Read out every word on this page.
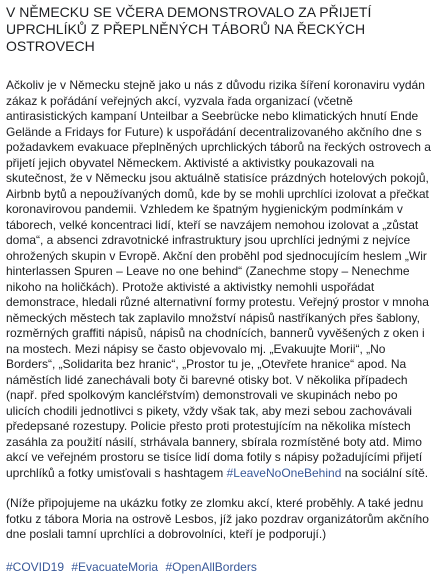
V NĚMECKU SE VČERA DEMONSTROVALO ZA PŘIJETÍ UPRCHLÍKŮ Z PŘEPLNĚNÝCH TÁBORŮ NA ŘECKÝCH OSTROVECH

Ačkoliv je v Německu stejně jako u nás z důvodu rizika šíření koronaviru vydán zákaz k pořádání veřejných akcí, vyzvala řada organizací (včetně antirasistických kampaní Unteilbar a Seebrücke nebo klimatických hnutí Ende Gelände a Fridays for Future) k uspořádání decentralizovaného akčního dne s požadavkem evakuace přeplněných uprchlických táborů na řeckých ostrovech a přijetí jejich obyvatel Německem. Aktivisté a aktivistky poukazovali na skutečnost, že v Německu jsou aktuálně statisíce prázdných hotelových pokojů, Airbnb bytů a nepoužívaných domů, kde by se mohli uprchlíci izolovat a přečkat koronavirovou pandemii. Vzhledem ke špatným hygienickým podmínkám v táborech, velké koncentraci lidí, kteří se navzájem nemohou izolovat a „zůstat doma“, a absenci zdravotnické infrastruktury jsou uprchlíci jednými z nejvíce ohrožených skupin v Evropě. Akční den proběhl pod sjednocujícím heslem „Wir hinterlassen Spuren – Leave no one behind“ (Zanechme stopy – Nenechme nikoho na holičkách). Protože aktivisté a aktivistky nemohli uspořádat demonstrace, hledali různé alternativní formy protestu. Veřejný prostor v mnoha německých městech tak zaplavilo množství nápisů nastříkaných přes šablony, rozměrných graffiti nápisů, nápisů na chodnících, bannerů vyvěšených z oken i na mostech. Mezi nápisy se často objevovalo mj. „Evakuujte Morii“, „No Borders“, „Solidarita bez hranic“, „Prostor tu je, „Otevřete hranice“ apod. Na náměstích lidé zanechávali boty či barevné otisky bot. V několika případech (např. před spolkovým kancléřstvím) demonstrovali ve skupinách nebo po ulicích chodili jednotlivci s pikety, vždy však tak, aby mezi sebou zachovávali předepsané rozestupy. Policie přesto proti protestujícím na několika místech zasáhla za použití násilí, strhávala bannery, sbírala rozmístěné boty atd. Mimo akcí ve veřejném prostoru se tisíce lidí doma fotily s nápisy požadujícími přijetí uprchlíků a fotky umisťovali s hashtagem #LeaveNoOneBehind na sociální sítě.

(Níže připojujeme na ukázku fotky ze zlomku akcí, které proběhly. A také jednu fotku z tábora Moria na ostrově Lesbos, jíž jako pozdrav organizátorům akčního dne poslali tamní uprchlíci a dobrovolníci, kteří je podporují.)

#COVID19 #EvacuateMoria #OpenAllBorders
